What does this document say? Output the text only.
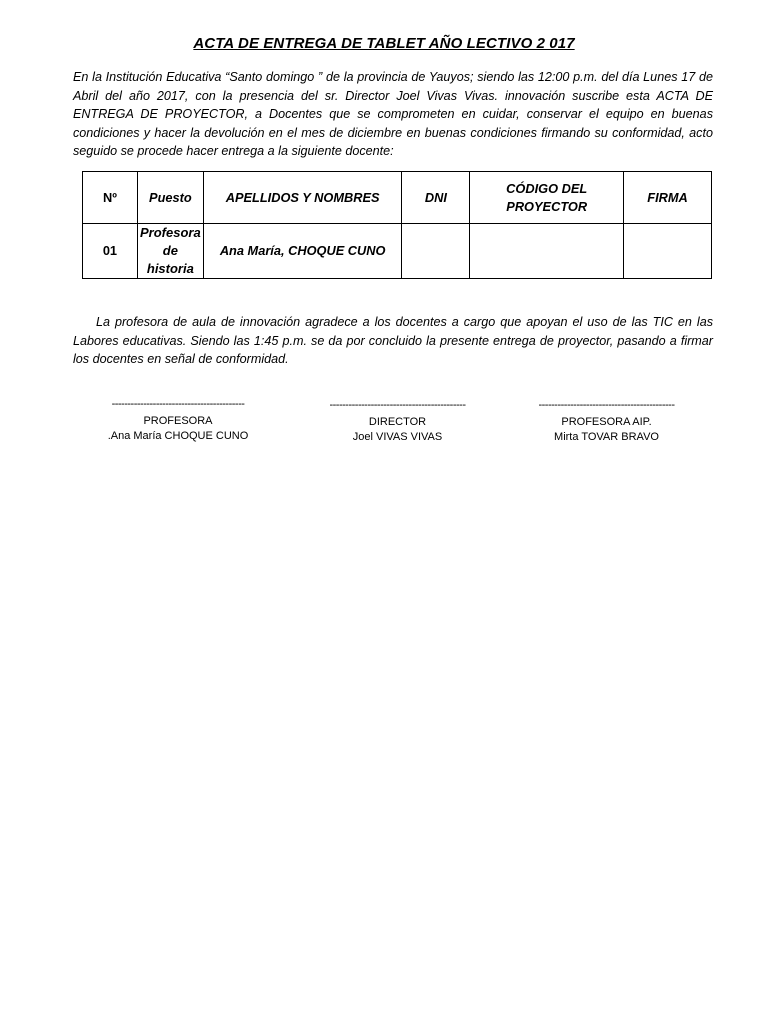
ACTA DE ENTREGA DE TABLET AÑO LECTIVO 2 017
En la Institución Educativa “Santo domingo ” de la provincia de Yauyos; siendo las 12:00 p.m. del día Lunes 17 de Abril del año 2017, con la presencia del sr. Director Joel Vivas Vivas. innovación suscribe esta ACTA DE ENTREGA DE PROYECTOR, a Docentes que se comprometen en cuidar, conservar el equipo en buenas condiciones y hacer la devolución en el mes de diciembre en buenas condiciones firmando su conformidad, acto seguido se procede hacer entrega a la siguiente docente:
Nº	Puesto	APELLIDOS Y NOMBRES	DNI	CÓDIGO DEL PROYECTOR	FIRMA
01	Profesora de historia	Ana María, CHOQUE CUNO			
La profesora de aula de innovación agradece a los docentes a cargo que apoyan el uso de las TIC en las Labores educativas. Siendo las 1:45 p.m. se da por concluido la presente entrega de proyector, pasando a firmar los docentes en señal de conformidad.
------------------------------------------
PROFESORA
.Ana María CHOQUE CUNO
-------------------------------------------
DIRECTOR
Joel VIVAS VIVAS
-------------------------------------------
PROFESORA AIP.
Mirta TOVAR BRAVO
